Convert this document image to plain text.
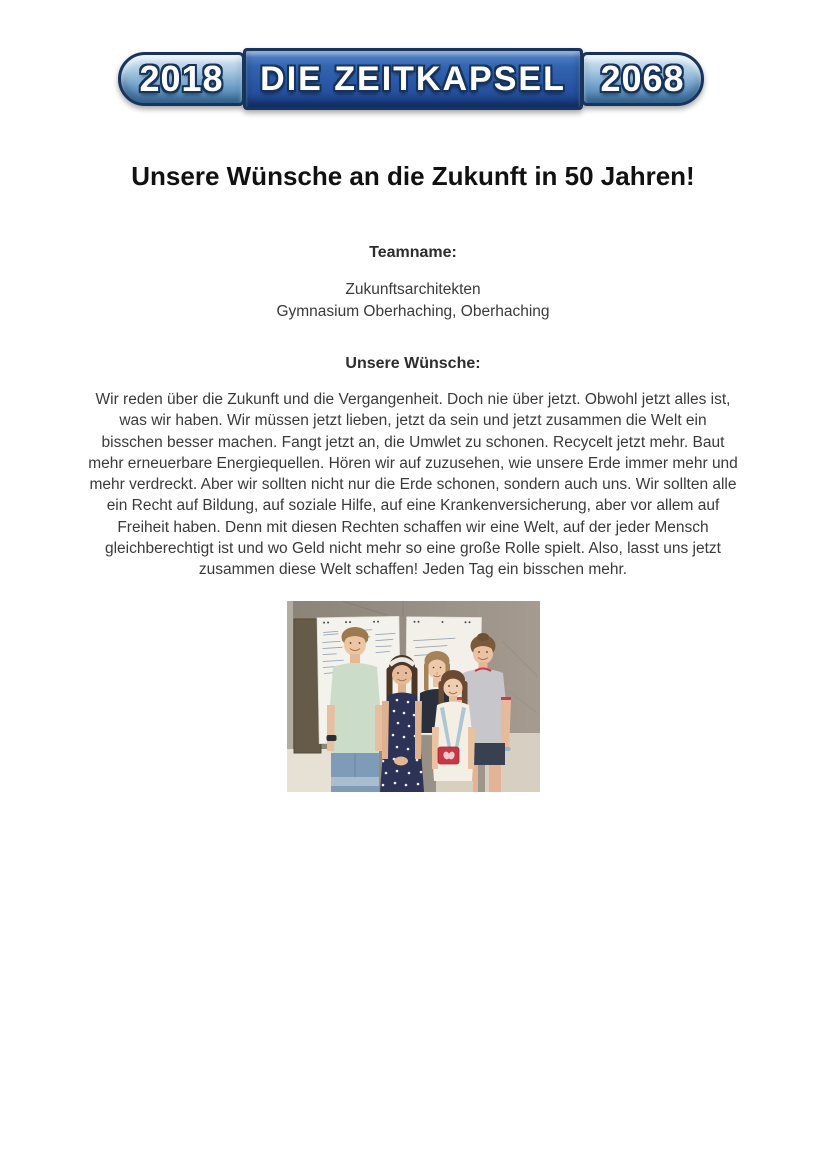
2018 DIE ZEITKAPSEL 2068
Unsere Wünsche an die Zukunft in 50 Jahren!
Teamname:
Zukunftsarchitekten
Gymnasium Oberhaching, Oberhaching
Unsere Wünsche:

Wir reden über die Zukunft und die Vergangenheit. Doch nie über jetzt. Obwohl jetzt alles ist, was wir haben. Wir müssen jetzt lieben, jetzt da sein und jetzt zusammen die Welt ein bisschen besser machen. Fangt jetzt an, die Umwlet zu schonen. Recycelt jetzt mehr. Baut mehr erneuerbare Energiequellen. Hören wir auf zuzusehen, wie unsere Erde immer mehr und mehr verdreckt. Aber wir sollten nicht nur die Erde schonen, sondern auch uns. Wir sollten alle ein Recht auf Bildung, auf soziale Hilfe, auf eine Krankenversicherung, aber vor allem auf Freiheit haben. Denn mit diesen Rechten schaffen wir eine Welt, auf der jeder Mensch gleichberechtigt ist und wo Geld nicht mehr so eine große Rolle spielt. Also, lasst uns jetzt zusammen diese Welt schaffen! Jeden Tag ein bisschen mehr.
